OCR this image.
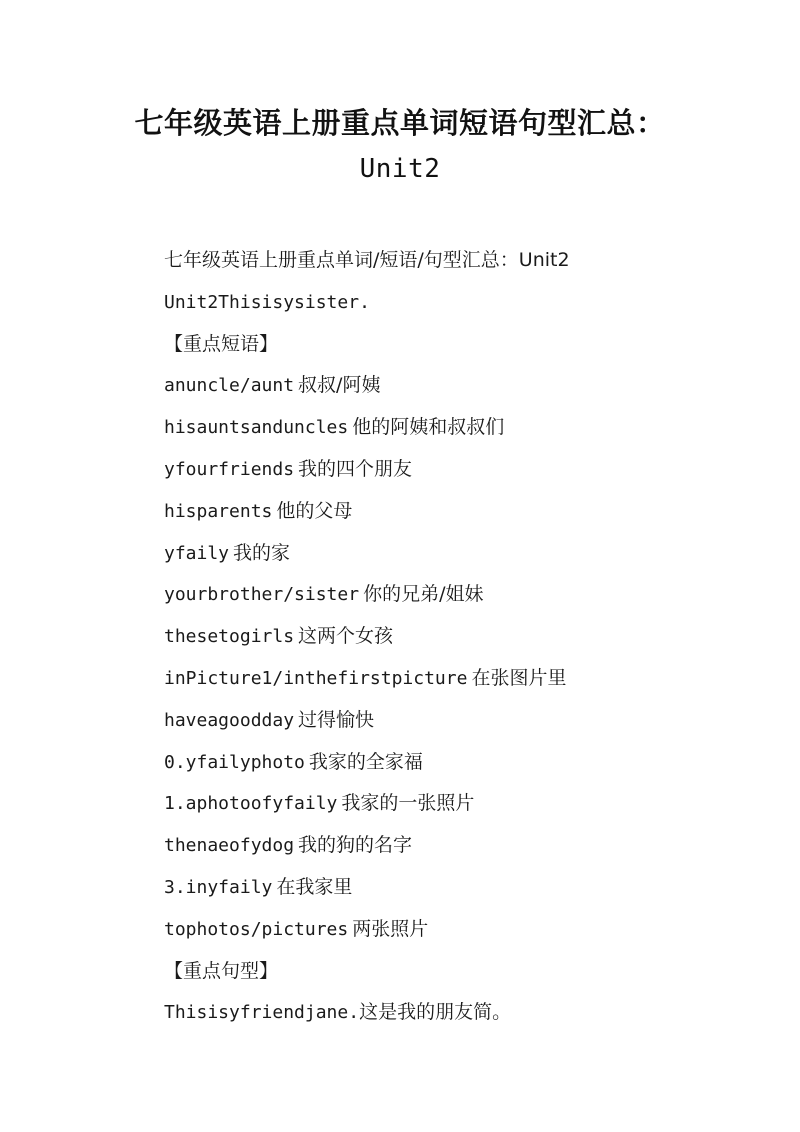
七年级英语上册重点单词短语句型汇总：
Unit2
七年级英语上册重点单词/短语/句型汇总：Unit2
Unit2Thisisysister.
【重点短语】
anuncle/aunt 叔叔/阿姨
hisauntsanduncles 他的阿姨和叔叔们
yfourfriends 我的四个朋友
hisparents 他的父母
yfaily 我的家
yourbrother/sister 你的兄弟/姐妹
thesetogirls 这两个女孩
inPicture1/inthefirstpicture 在张图片里
haveagoodday 过得愉快
0.yfailyphoto 我家的全家福
1.aphotoofyfaily 我家的一张照片
thenaeofydog 我的狗的名字
3.inyfaily 在我家里
tophotos/pictures 两张照片
【重点句型】
Thisisyfriendjane.这是我的朋友简。
